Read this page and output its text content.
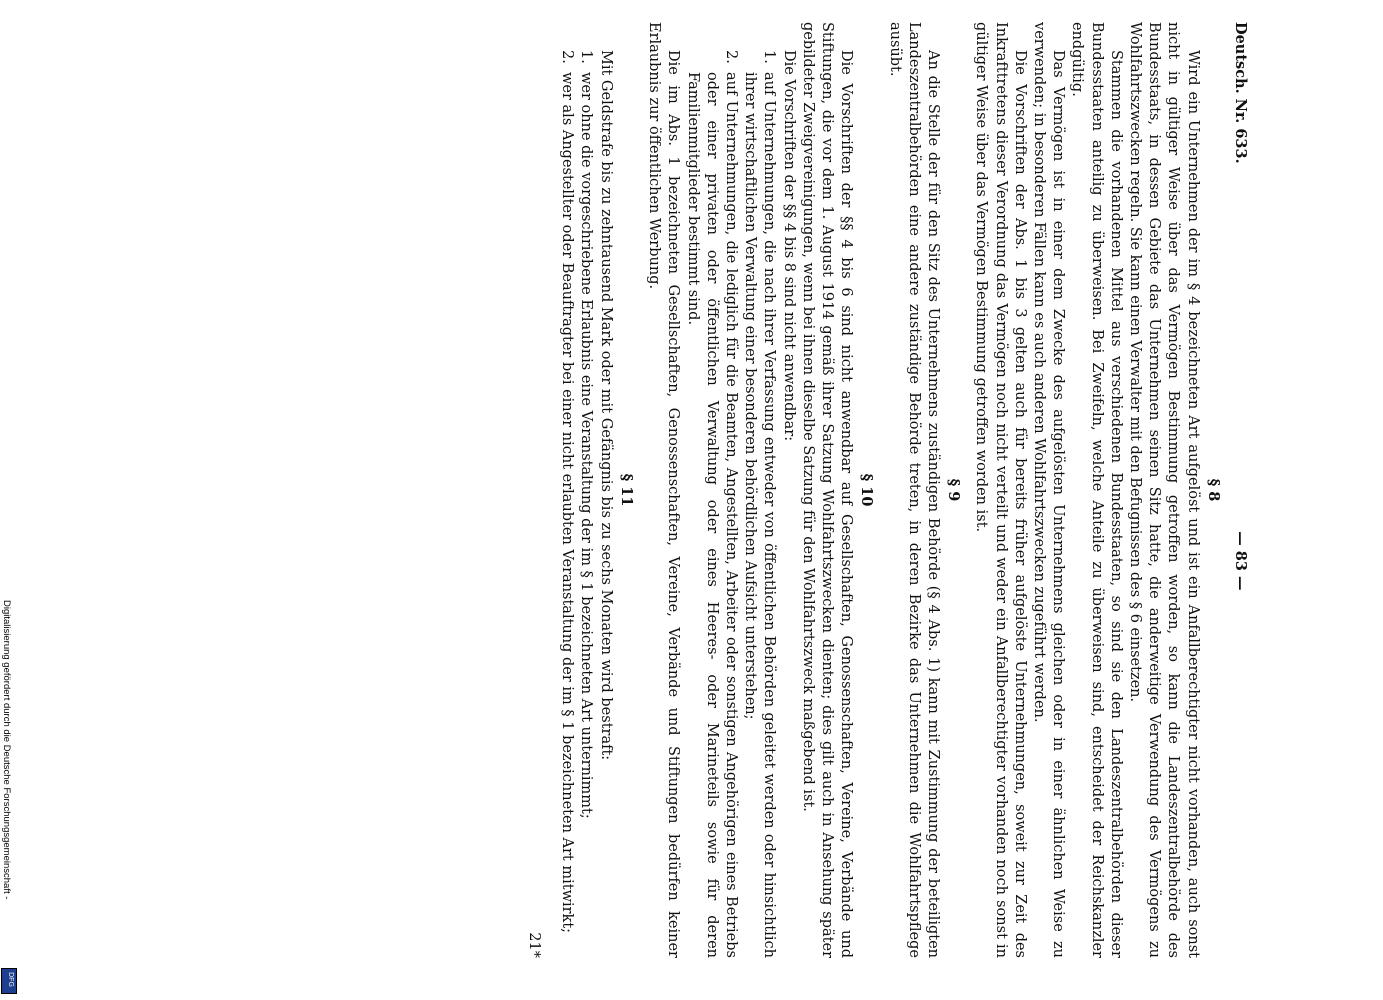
Deutsch. Nr. 633.
— 83 —
§ 8

Wird ein Unternehmen der im § 4 bezeichneten Art aufgelöst und ist ein Anfallberechtigter nicht vorhanden, auch sonst nicht in gültiger Weise über das Vermögen Bestimmung getroffen worden, so kann die Landeszentralbehörde des Bundesstaats, in dessen Gebiete das Unternehmen seinen Sitz hatte, die anderweitige Verwendung des Vermögens zu Wohlfahrtszwecken regeln. Sie kann einen Verwalter mit den Befugnissen des § 6 einsetzen.

Stammen die vorhandenen Mittel aus verschiedenen Bundesstaaten, so sind sie den Landeszentralbehörden dieser Bundesstaaten anteilig zu überweisen. Bei Zweifeln, welche Anteile zu überweisen sind, entscheidet der Reichskanzler endgültig.

Das Vermögen ist in einer dem Zwecke des aufgelösten Unternehmens gleichen oder in einer ähnlichen Weise zu verwenden; in besonderen Fällen kann es auch anderen Wohlfahrtszwecken zugeführt werden.

Die Vorschriften der Abs. 1 bis 3 gelten auch für bereits früher aufgelöste Unternehmungen, soweit zur Zeit des Inkrafttretens dieser Verordnung das Vermögen noch nicht verteilt und weder ein Anfallberechtigter vorhanden noch sonst in gültiger Weise über das Vermögen Bestimmung getroffen worden ist.

§ 9

An die Stelle der für den Sitz des Unternehmens zuständigen Behörde (§ 4 Abs. 1) kann mit Zustimmung der beteiligten Landeszentralbehörden eine andere zuständige Behörde treten, in deren Bezirke das Unternehmen die Wohlfahrtspflege ausübt.

§ 10

Die Vorschriften der §§ 4 bis 6 sind nicht anwendbar auf Gesellschaften, Genossenschaften, Vereine, Verbände und Stiftungen, die vor dem 1. August 1914 gemäß ihrer Satzung Wohlfahrtszwecken dienten; dies gilt auch in Ansehung später gebildeter Zweigvereinigungen, wenn bei ihnen dieselbe Satzung für den Wohlfahrtszweck maßgebend ist.

Die Vorschriften der §§ 4 bis 8 sind nicht anwendbar:

1.
auf Unternehmungen, die nach ihrer Verfassung entweder von öffentlichen Behörden geleitet werden oder hinsichtlich ihrer wirtschaftlichen Verwaltung einer besonderen behördlichen Aufsicht unterstehen;
2.
auf Unternehmungen, die lediglich für die Beamten, Angestellten, Arbeiter oder sonstigen Angehörigen eines Betriebs oder einer privaten oder öffentlichen Verwaltung oder eines Heeres- oder Marineteils sowie für deren Familienmitglieder bestimmt sind.

Die im Abs. 1 bezeichneten Gesellschaften, Genossenschaften, Vereine, Verbände und Stiftungen bedürfen keiner Erlaubnis zur öffentlichen Werbung.

§ 11

Mit Geldstrafe bis zu zehntausend Mark oder mit Gefängnis bis zu sechs Monaten wird bestraft:

1.
wer ohne die vorgeschriebene Erlaubnis eine Veranstaltung der im § 1 bezeichneten Art unternimmt;
2.
wer als Angestellter oder Beauftragter bei einer nicht erlaubten Veranstaltung der im § 1 bezeichneten Art mitwirkt;
21*
Digitalisierung gefördert durch die Deutsche Forschungsgemeinschaft -
DFG
